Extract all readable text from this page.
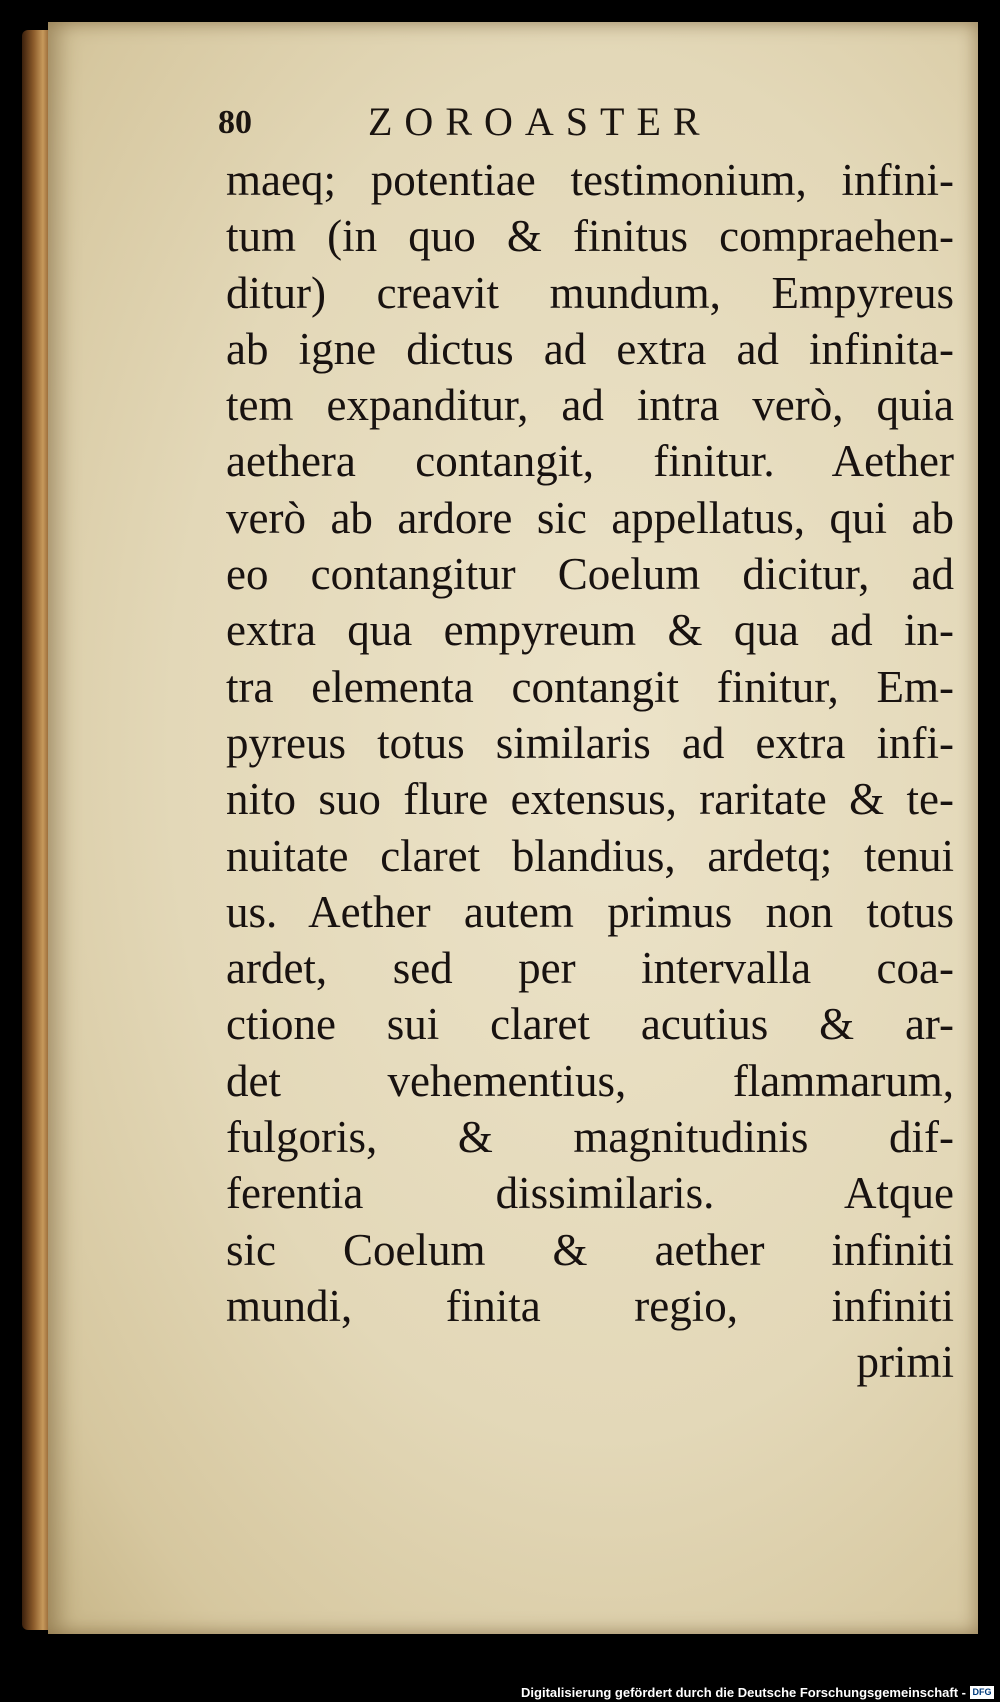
80	ZOROASTER
maeq; potentiae testimonium, infini-
tum (in quo & finitus compraehen-
ditur) creavit mundum, Empyreus
ab igne dictus ad extra ad infinita-
tem expanditur, ad intra verò, quia
aethera contangit, finitur. Aether
verò ab ardore sic appellatus, qui ab
eo contangitur Coelum dicitur, ad
extra qua empyreum & qua ad in-
tra elementa contangit finitur, Em-
pyreus totus similaris ad extra infi-
nito suo flure extensus, raritate & te-
nuitate claret blandius, ardetq; tenui
us. Aether autem primus non totus
ardet, sed per intervalla coa-
ctione sui claret acutius & ar-
det vehementius, flammarum,
fulgoris, & magnitudinis dif-
ferentia dissimilaris. Atque
sic Coelum & aether infiniti
mundi, finita regio, infiniti
primi
Digitalisierung gefördert durch die Deutsche Forschungsgemeinschaft - DFG
